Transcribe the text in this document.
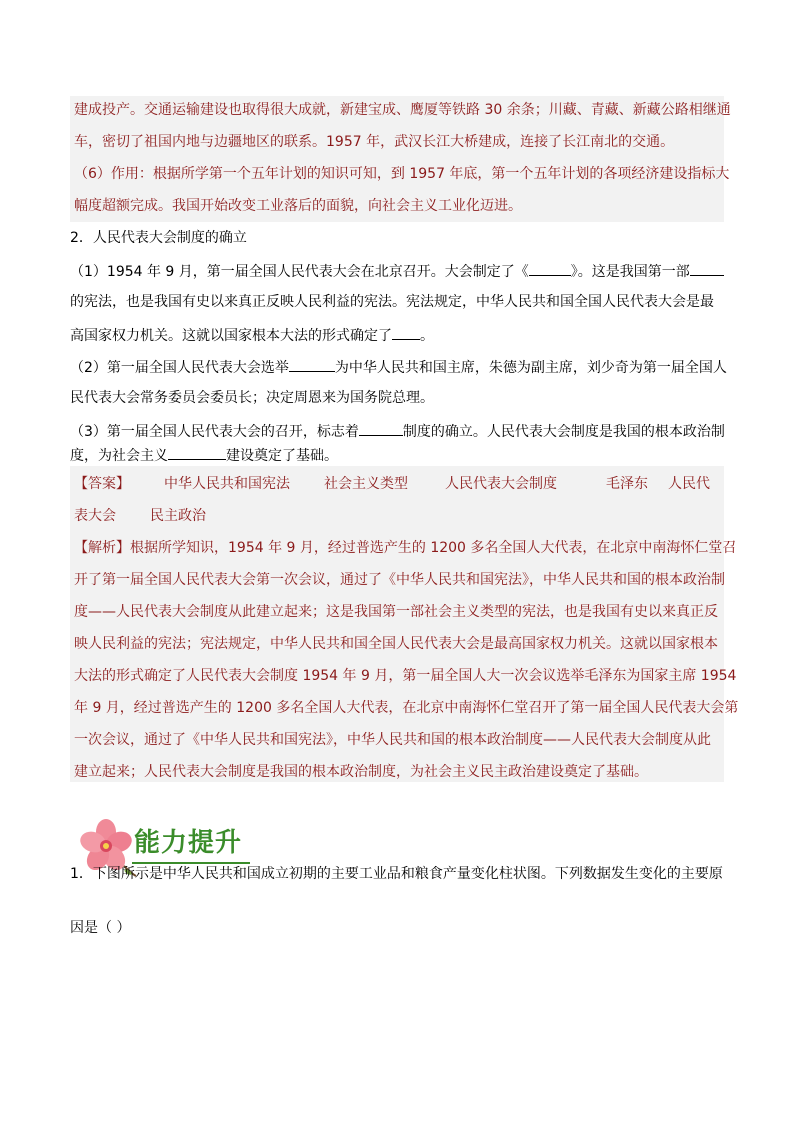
建成投产。交通运输建设也取得很大成就，新建宝成、鹰厦等铁路 30 余条；川藏、青藏、新藏公路相继通
车，密切了祖国内地与边疆地区的联系。1957 年，武汉长江大桥建成，连接了长江南北的交通。
（6）作用：根据所学第一个五年计划的知识可知，到 1957 年底，第一个五年计划的各项经济建设指标大
幅度超额完成。我国开始改变工业落后的面貌，向社会主义工业化迈进。
2．人民代表大会制度的确立
（1）1954 年 9 月，第一届全国人民代表大会在北京召开。大会制定了《	》。这是我国第一部
的宪法，也是我国有史以来真正反映人民利益的宪法。宪法规定，中华人民共和国全国人民代表大会是最
高国家权力机关。这就以国家根本大法的形式确定了 。
（2）第一届全国人民代表大会选举	为中华人民共和国主席，朱德为副主席，刘少奇为第一届全国人
民代表大会常务委员会委员长；决定周恩来为国务院总理。
（3）第一届全国人民代表大会的召开，标志着	制度的确立。人民代表大会制度是我国的根本政治制
度，为社会主义	建设奠定了基础。
【答案】 中华人民共和国宪法 社会主义类型	人民代表大会制度	毛泽东 人民代
表大会 民主政治
【解析】根据所学知识，1954 年 9 月，经过普选产生的 1200 多名全国人大代表，在北京中南海怀仁堂召
开了第一届全国人民代表大会第一次会议，通过了《中华人民共和国宪法》，中华人民共和国的根本政治制
度——人民代表大会制度从此建立起来；这是我国第一部社会主义类型的宪法，也是我国有史以来真正反
映人民利益的宪法；宪法规定，中华人民共和国全国人民代表大会是最高国家权力机关。这就以国家根本
大法的形式确定了人民代表大会制度 1954 年 9 月，第一届全国人大一次会议选举毛泽东为国家主席 1954
年 9 月，经过普选产生的 1200 多名全国人大代表，在北京中南海怀仁堂召开了第一届全国人民代表大会第
一次会议，通过了《中华人民共和国宪法》，中华人民共和国的根本政治制度——人民代表大会制度从此
建立起来；人民代表大会制度是我国的根本政治制度，为社会主义民主政治建设奠定了基础。
能力提升
1．下图所示是中华人民共和国成立初期的主要工业品和粮食产量变化柱状图。下列数据发生变化的主要原
因是（ ）
